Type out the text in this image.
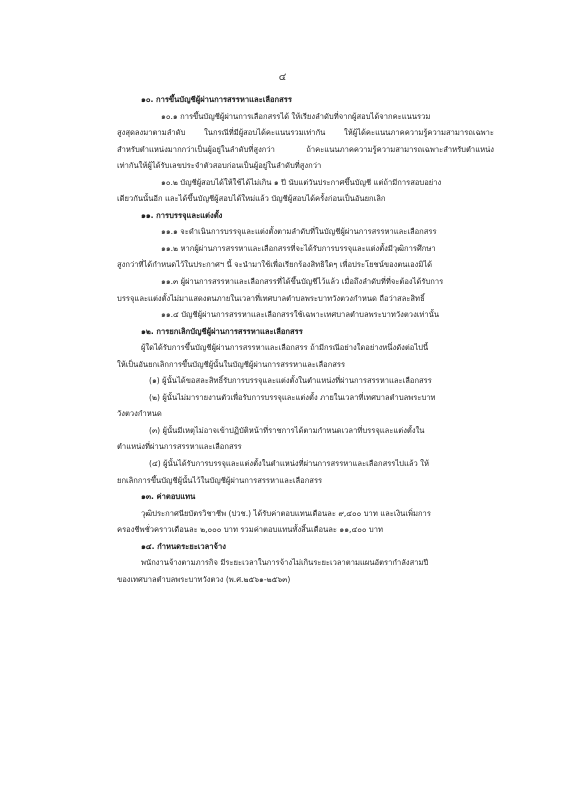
๔
๑๐. การขึ้นบัญชีผู้ผ่านการสรรหาและเลือกสรร
๑๐.๑ การขึ้นบัญชีผู้ผ่านการเลือกสรรได้ ให้เรียงลำดับที่จากผู้สอบได้จากคะแนนรวม
สูงสุดลงมาตามลำดับ ในกรณีที่มีผู้สอบได้คะแนนรวมเท่ากัน ให้ผู้ได้คะแนนภาคความรู้ความสามารถเฉพาะ
สำหรับตำแหน่งมากกว่าเป็นผู้อยู่ในลำดับที่สูงกว่า ถ้าคะแนนภาคความรู้ความสามารถเฉพาะสำหรับตำแหน่ง
เท่ากันให้ผู้ได้รับเลขประจำตัวสอบก่อนเป็นผู้อยู่ในลำดับที่สูงกว่า
๑๐.๒ บัญชีผู้สอบได้ให้ใช้ได้ไม่เกิน ๑ ปี นับแต่วันประกาศขึ้นบัญชี แต่ถ้ามีการสอบอย่าง
เดียวกันนั้นอีก และได้ขึ้นบัญชีผู้สอบได้ใหม่แล้ว บัญชีผู้สอบได้ครั้งก่อนเป็นอันยกเลิก
๑๑. การบรรจุและแต่งตั้ง
๑๑.๑ จะดำเนินการบรรจุและแต่งตั้งตามลำดับที่ในบัญชีผู้ผ่านการสรรหาและเลือกสรร
๑๑.๒ หากผู้ผ่านการสรรหาและเลือกสรรที่จะได้รับการบรรจุและแต่งตั้งมีวุฒิการศึกษา
สูงกว่าที่ได้กำหนดไว้ในประกาศฯ นี้ จะนำมาใช้เพื่อเรียกร้องสิทธิใดๆ เพื่อประโยชน์ของตนเองมิได้
๑๑.๓ ผู้ผ่านการสรรหาและเลือกสรรที่ได้ขึ้นบัญชีไว้แล้ว เมื่อถึงลำดับที่ที่จะต้องได้รับการ
บรรจุและแต่งตั้งไม่มาแสดงตนภายในเวลาที่เทศบาลตำบลพระบาทวังตวงกำหนด ถือว่าสละสิทธิ์
๑๑.๔ บัญชีผู้ผ่านการสรรหาและเลือกสรรใช้เฉพาะเทศบาลตำบลพระบาทวังตวงเท่านั้น
๑๒. การยกเลิกบัญชีผู้ผ่านการสรรหาและเลือกสรร
ผู้ใดได้รับการขึ้นบัญชีผู้ผ่านการสรรหาและเลือกสรร ถ้ามีกรณีอย่างใดอย่างหนึ่งดังต่อไปนี้
ให้เป็นอันยกเลิกการขึ้นบัญชีผู้นั้นในบัญชีผู้ผ่านการสรรหาและเลือกสรร
(๑) ผู้นั้นได้ขอสละสิทธิ์รับการบรรจุและแต่งตั้งในตำแหน่งที่ผ่านการสรรหาและเลือกสรร
(๒) ผู้นั้นไม่มารายงานตัวเพื่อรับการบรรจุและแต่งตั้ง ภายในเวลาที่เทศบาลตำบลพระบาท
วังตวงกำหนด
(๓) ผู้นั้นมีเหตุไม่อาจเข้าปฏิบัติหน้าที่ราชการได้ตามกำหนดเวลาที่บรรจุและแต่งตั้งใน
ตำแหน่งที่ผ่านการสรรหาและเลือกสรร
(๔) ผู้นั้นได้รับการบรรจุและแต่งตั้งในตำแหน่งที่ผ่านการสรรหาและเลือกสรรไปแล้ว ให้
ยกเลิกการขึ้นบัญชีผู้นั้นไว้ในบัญชีผู้ผ่านการสรรหาและเลือกสรร
๑๓. ค่าตอบแทน
วุฒิประกาศนียบัตรวิชาชีพ (ปวช.) ได้รับค่าตอบแทนเดือนละ ๙,๔๐๐ บาท และเงินเพิ่มการ
ครองชีพชั่วคราวเดือนละ ๒,๐๐๐ บาท รวมค่าตอบแทนทั้งสิ้นเดือนละ ๑๑,๔๐๐ บาท
๑๔. กำหนดระยะเวลาจ้าง
พนักงานจ้างตามภารกิจ มีระยะเวลาในการจ้างไม่เกินระยะเวลาตามแผนอัตรากำลังสามปี
ของเทศบาลตำบลพระบาทวังตวง (พ.ศ.๒๕๖๑-๒๕๖๓)
